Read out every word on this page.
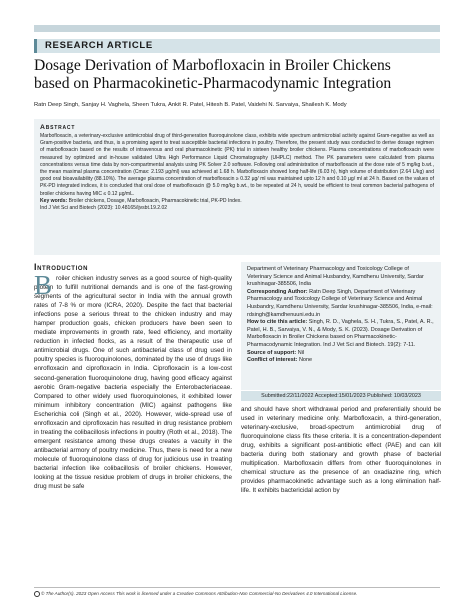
RESEARCH ARTICLE
Dosage Derivation of Marbofloxacin in Broiler Chickens
based on Pharmacokinetic-Pharmacodynamic Integration
Ratn Deep Singh, Sanjay H. Vaghela, Sheen Tukra, Ankit R. Patel, Hitesh B. Patel, Vaidehi N. Sarvaiya, Shailesh K. Mody
Abstract
Marbofloxacin, a veterinary-exclusive antimicrobial drug of third-generation fluoroquinolone class, exhibits wide spectrum antimicrobial activity against Gram-negative as well as Gram-positive bacteria, and thus, is a promising agent to treat susceptible bacterial infections in poultry. Therefore, the present study was conducted to derive dosage regimen of marbofloxacin based on the results of intravenous and oral pharmacokinetic (PK) trial in sixteen healthy broiler chickens. Plasma concentrations of marbofloxacin were measured by optimized and in-house validated Ultra High Performance Liquid Chromatography (UHPLC) method. The PK parameters were calculated from plasma concentrations versus time data by non-compartmental analysis using PK Solver 2.0 software. Following oral administration of marbofloxacin at the dose rate of 5 mg/kg b.wt., the mean maximal plasma concentration (Cmax: 2.193 µg/ml) was achieved at 1.68 h. Marbofloxacin showed long half-life (6.03 h), high volume of distribution (2.64 L/kg) and good oral bioavailability (88.10%). The average plasma concentration of marbofloxacin ≥ 0.32 µg/ ml was maintained upto 12 h and 0.10 µg/ ml at 24 h. Based on the values of PK-PD integrated indices, it is concluded that oral dose of marbofloxacin @ 5.0 mg/kg b.wt., to be repeated at 24 h, would be efficient to treat common bacterial pathogens of broiler chickens having MIC ≤ 0.12 µg/mL.
Key words: Broiler chickens, Dosage, Marbofloxacin, Pharmacokinetic trial, PK-PD Index.
Ind J Vet Sci and Biotech (2023): 10.48165/ijvsbt.19.2.02
Introduction
roiler chicken industry serves as a good source of high-quality protein to fulfill nutritional demands and is one of the fast-growing segments of the agricultural sector in India with the annual growth rates of 7-8 % or more (ICRA, 2020). Despite the fact that bacterial infections pose a serious threat to the chicken industry and may hamper production goals, chicken producers have been seen to mediate improvements in growth rate, feed efficiency, and mortality reduction in infected flocks, as a result of the therapeutic use of antimicrobial drugs. One of such antibacterial class of drug used in poultry species is fluoroquinolones, dominated by the use of drugs like enrofloxacin and ciprofloxacin in India. Ciprofloxacin is a low-cost second-generation fluoroquinolone drug, having good efficacy against aerobic Gram-negative bacteria especially the Enterobacteriaceae. Compared to other widely used fluoroquinolones, it exhibited lower minimum inhibitory concentration (MIC) against pathogens like Escherichia coli (Singh et al., 2020). However, wide-spread use of enrofloxacin and ciprofloxacin has resulted in drug resistance problem in treating the colibacillosis infections in poultry (Roth et al., 2018). The emergent resistance among these drugs creates a vacuity in the antibacterial armory of poultry medicine. Thus, there is need for a new molecule of fluoroquinolone class of drug for judicious use in treating bacterial infection like colibacillosis of broiler chickens. However, looking at the tissue residue problem of drugs in broiler chickens, the drug must be safe
B

Department of Veterinary Pharmacology and Toxicology College of Veterinary Science and Animal Husbandry, Kamdhenu University, Sardar krushinagar-385506, India

Corresponding Author: Ratn Deep Singh, Department of Veterinary Pharmacology and Toxicology College of Veterinary Science and Animal Husbandry, Kamdhenu University, Sardar krushinagar-385506, India, e-mail: rdsingh@kamdhenuuni.edu.in

How to cite this article: Singh, R. D., Vaghela, S. H., Tukra, S., Patel, A. R., Patel, H. B., Sarvaiya, V. N., & Mody, S. K. (2023). Dosage Derivation of Marbofloxacin in Broiler Chickens based on Pharmacokinetic-Pharmacodynamic Integration. Ind J Vet Sci and Biotech. 19(2): 7-11.

Source of support: Nil

Conflict of interest: None

Submitted:22/11/2022 Accepted:15/01/2023 Published: 10/03/2023
and should have short withdrawal period and preferentially should be used in veterinary medicine only. Marbofloxacin, a third-generation, veterinary-exclusive, broad-spectrum antimicrobial drug of fluoroquinolone class fits these criteria. It is a concentration-dependent drug, exhibits a significant post-antibiotic effect (PAE) and can kill bacteria during both stationary and growth phase of bacterial multiplication. Marbofloxacin differs from other fluoroquinolones in chemical structure as the presence of an oxadiazine ring, which provides pharmacokinetic advantage such as a long elimination half-life. It exhibits bactericidal action by
© The Author(s). 2023 Open Access This work is licensed under a Creative Commons Attribution-Non Commercial-No Derivatives 4.0 International License.
